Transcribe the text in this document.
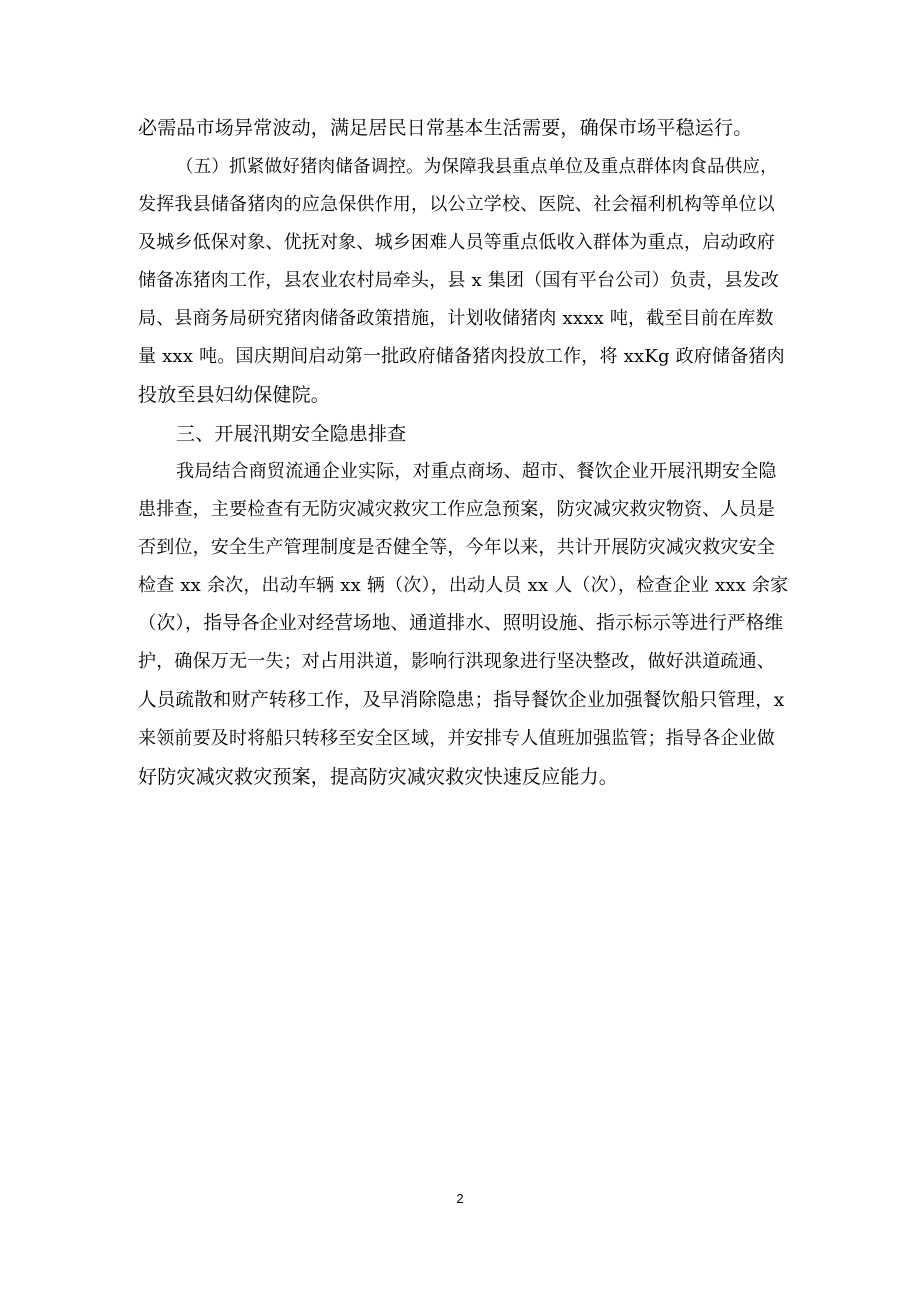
必需品市场异常波动，满足居民日常基本生活需要，确保市场平稳运行。
（五）抓紧做好猪肉储备调控。为保障我县重点单位及重点群体肉食品供应，
发挥我县储备猪肉的应急保供作用，以公立学校、医院、社会福利机构等单位以
及城乡低保对象、优抚对象、城乡困难人员等重点低收入群体为重点，启动政府
储备冻猪肉工作，县农业农村局牵头，县 x 集团（国有平台公司）负责，县发改
局、县商务局研究猪肉储备政策措施，计划收储猪肉 xxxx 吨，截至目前在库数
量 xxx 吨。国庆期间启动第一批政府储备猪肉投放工作，将 xxKg 政府储备猪肉
投放至县妇幼保健院。
三、开展汛期安全隐患排查
我局结合商贸流通企业实际，对重点商场、超市、餐饮企业开展汛期安全隐
患排查，主要检查有无防灾减灾救灾工作应急预案，防灾减灾救灾物资、人员是
否到位，安全生产管理制度是否健全等，今年以来，共计开展防灾减灾救灾安全
检查 xx 余次，出动车辆 xx 辆（次），出动人员 xx 人（次），检查企业 xxx 余家
（次），指导各企业对经营场地、通道排水、照明设施、指示标示等进行严格维
护，确保万无一失；对占用洪道，影响行洪现象进行坚决整改，做好洪道疏通、
人员疏散和财产转移工作，及早消除隐患；指导餐饮企业加强餐饮船只管理，x
来领前要及时将船只转移至安全区域，并安排专人值班加强监管；指导各企业做
好防灾减灾救灾预案，提高防灾减灾救灾快速反应能力。
2
